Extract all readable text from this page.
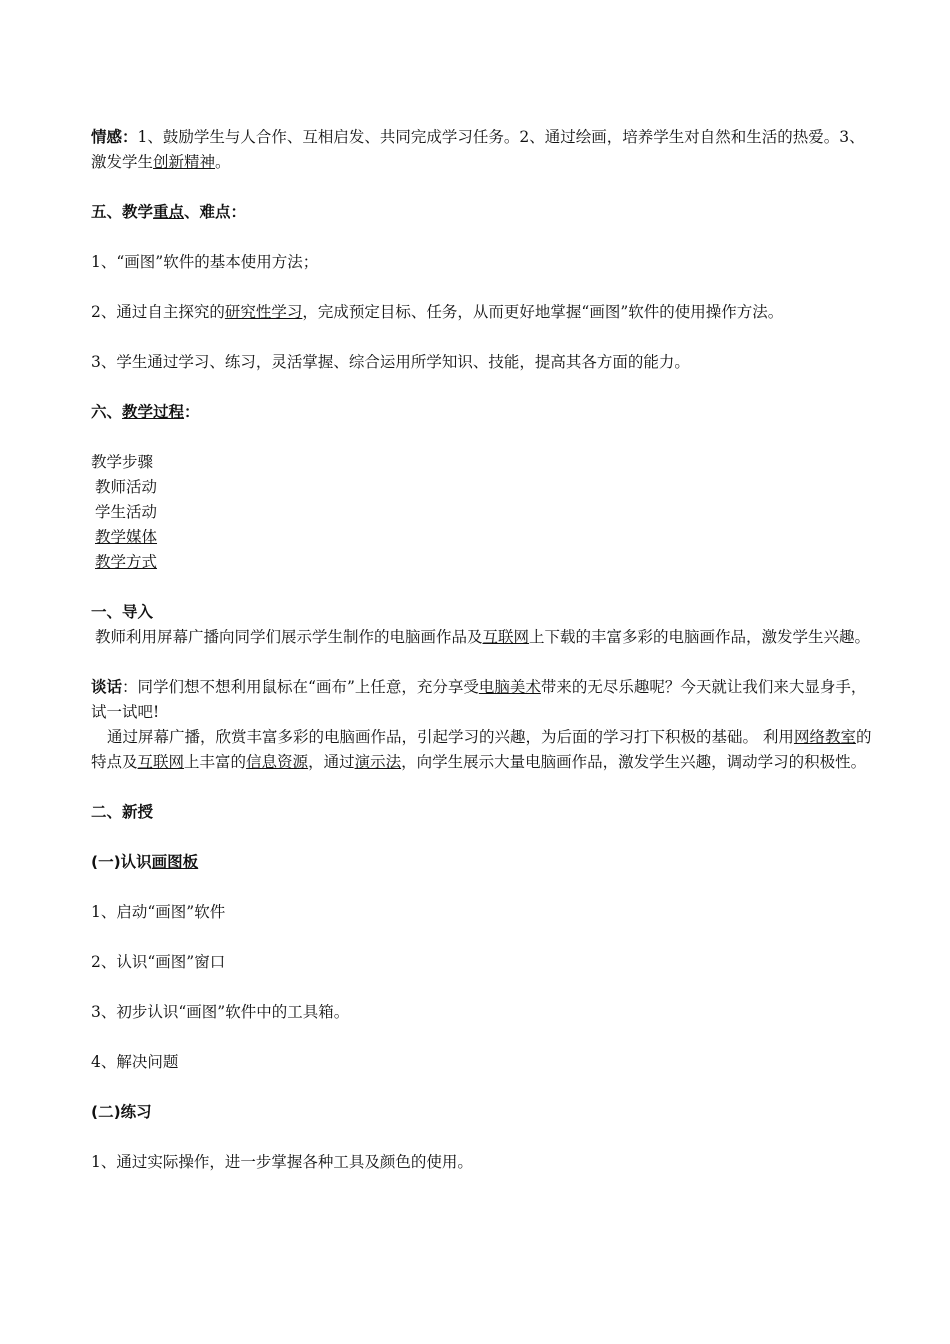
情感：1、鼓励学生与人合作、互相启发、共同完成学习任务。2、通过绘画，培养学生对自然和生活的热爱。3、激发学生创新精神。

五、教学重点、难点：

1、“画图”软件的基本使用方法；

2、通过自主探究的研究性学习，完成预定目标、任务，从而更好地掌握“画图”软件的使用操作方法。

3、学生通过学习、练习，灵活掌握、综合运用所学知识、技能，提高其各方面的能力。

六、教学过程：

教学步骤

教师活动

学生活动

教学媒体

教学方式

一、导入

教师利用屏幕广播向同学们展示学生制作的电脑画作品及互联网上下载的丰富多彩的电脑画作品，激发学生兴趣。

谈话：同学们想不想利用鼠标在“画布”上任意，充分享受电脑美术带来的无尽乐趣呢？今天就让我们来大显身手，试一试吧!

通过屏幕广播，欣赏丰富多彩的电脑画作品，引起学习的兴趣，为后面的学习打下积极的基础。 利用网络教室的特点及互联网上丰富的信息资源，通过演示法，向学生展示大量电脑画作品，激发学生兴趣，调动学习的积极性。

二、新授

(一)认识画图板

1、启动“画图”软件

2、认识“画图”窗口

3、初步认识“画图”软件中的工具箱。

4、解决问题

(二)练习

1、通过实际操作，进一步掌握各种工具及颜色的使用。
